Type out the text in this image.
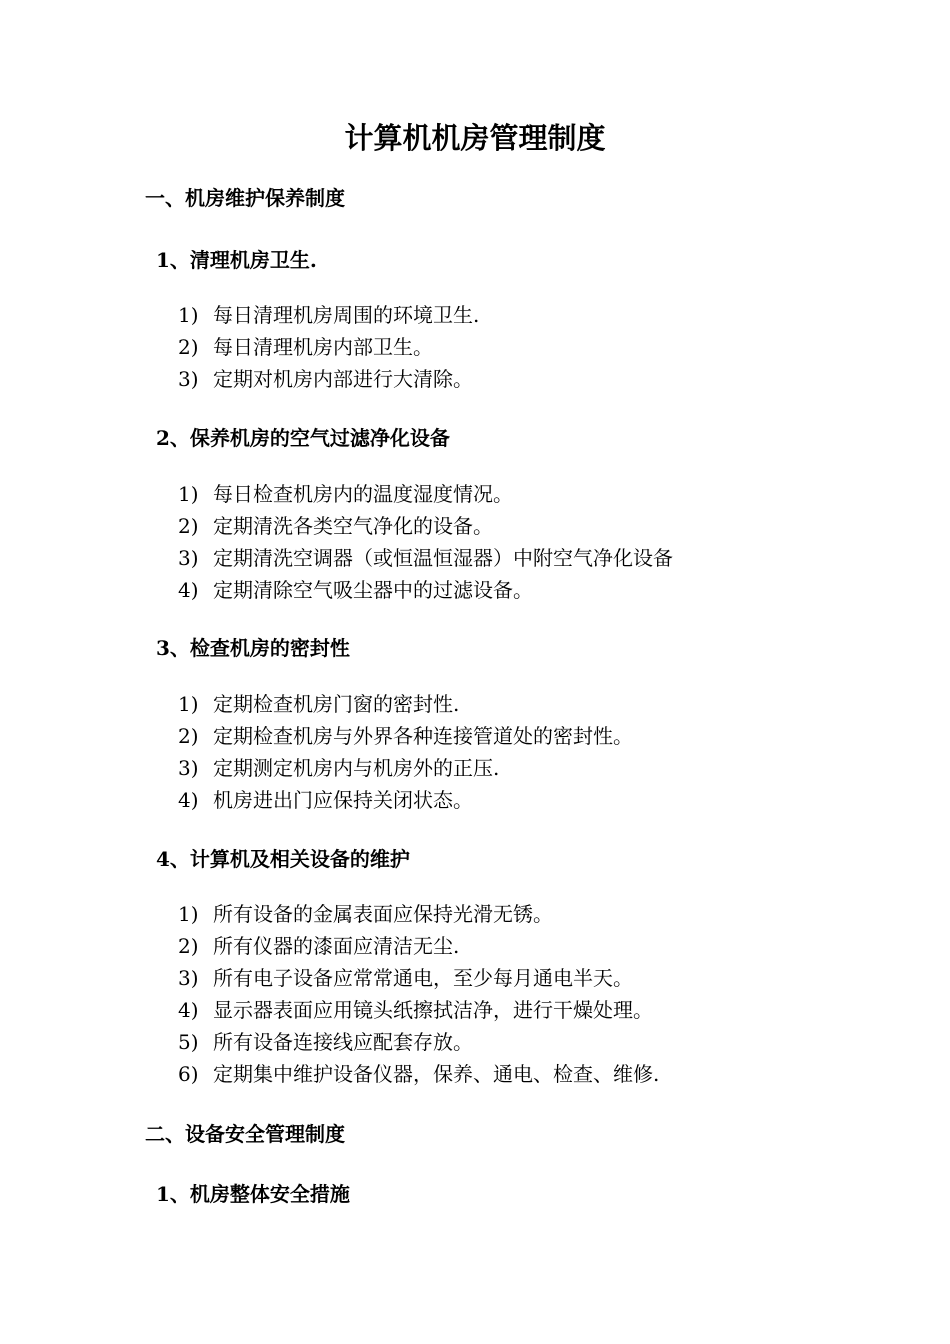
计算机机房管理制度
一、机房维护保养制度
1、清理机房卫生.
1) 每日清理机房周围的环境卫生.
2) 每日清理机房内部卫生。
3) 定期对机房内部进行大清除。
2、保养机房的空气过滤净化设备
1) 每日检查机房内的温度湿度情况。
2) 定期清洗各类空气净化的设备。
3) 定期清洗空调器（或恒温恒湿器）中附空气净化设备
4) 定期清除空气吸尘器中的过滤设备。
3、检查机房的密封性
1) 定期检查机房门窗的密封性.
2) 定期检查机房与外界各种连接管道处的密封性。
3) 定期测定机房内与机房外的正压.
4) 机房进出门应保持关闭状态。
4、计算机及相关设备的维护
1) 所有设备的金属表面应保持光滑无锈。
2) 所有仪器的漆面应清洁无尘.
3) 所有电子设备应常常通电，至少每月通电半天。
4) 显示器表面应用镜头纸擦拭洁净，进行干燥处理。
5) 所有设备连接线应配套存放。
6) 定期集中维护设备仪器，保养、通电、检查、维修.
二、设备安全管理制度
1、机房整体安全措施
